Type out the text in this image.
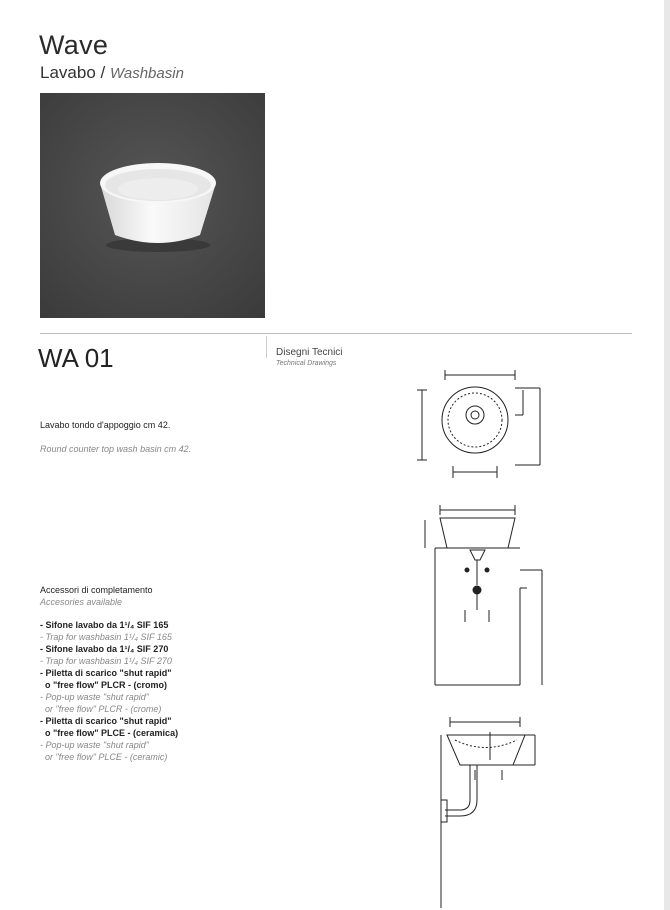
Wave
Lavabo / Washbasin
WA 01	Disegni Tecnici
Technical Drawings
Lavabo tondo d'appoggio cm 42.
Round counter top wash basin cm 42.
Accessori di completamento
Accesories available
- Sifone lavabo da 1¹/₄ SIF 165
- Trap for washbasin 1¹/₄ SIF 165
- Sifone lavabo da 1¹/₄ SIF 270
- Trap for washbasin 1¹/₄ SIF 270
- Piletta di scarico "shut rapid"
o "free flow" PLCR - (cromo)
- Pop-up waste "shut rapid"
or "free flow" PLCR - (crome)
- Piletta di scarico "shut rapid"
o "free flow" PLCE - (ceramica)
- Pop-up waste "shut rapid"
or "free flow" PLCE - (ceramic)
420
8
404
8
420
165
270
420
165
705
120 600
500
404
135 165
270
